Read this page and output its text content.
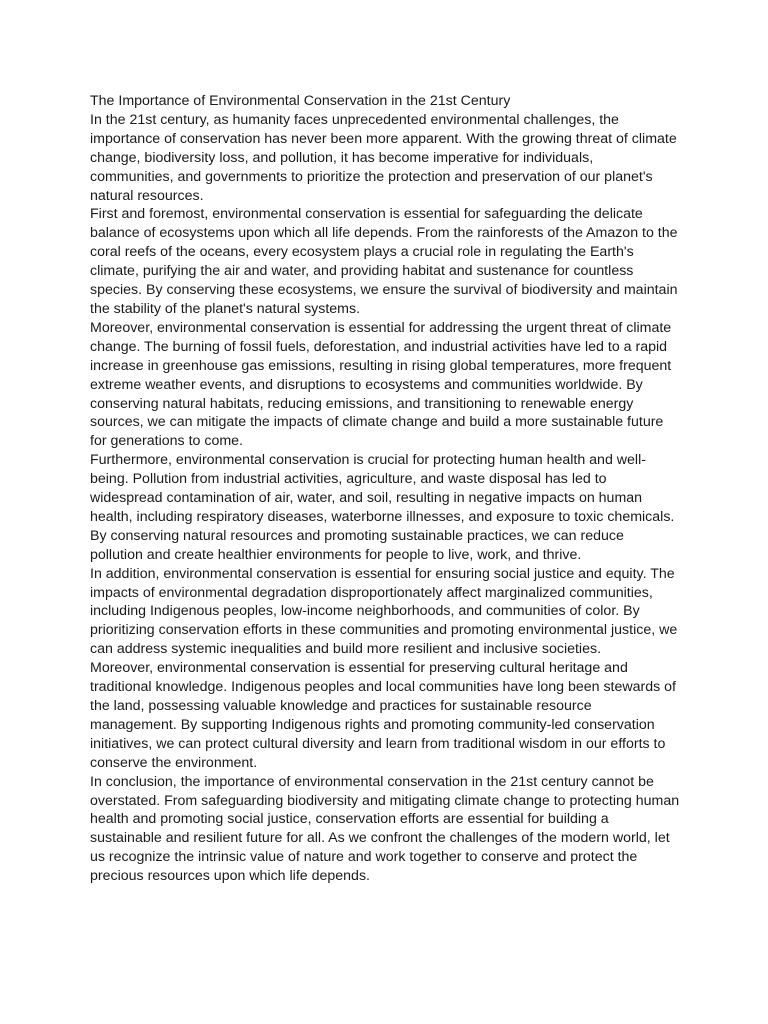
The Importance of Environmental Conservation in the 21st Century

In the 21st century, as humanity faces unprecedented environmental challenges, the importance of conservation has never been more apparent. With the growing threat of climate change, biodiversity loss, and pollution, it has become imperative for individuals, communities, and governments to prioritize the protection and preservation of our planet's natural resources.

First and foremost, environmental conservation is essential for safeguarding the delicate balance of ecosystems upon which all life depends. From the rainforests of the Amazon to the coral reefs of the oceans, every ecosystem plays a crucial role in regulating the Earth's climate, purifying the air and water, and providing habitat and sustenance for countless species. By conserving these ecosystems, we ensure the survival of biodiversity and maintain the stability of the planet's natural systems.

Moreover, environmental conservation is essential for addressing the urgent threat of climate change. The burning of fossil fuels, deforestation, and industrial activities have led to a rapid increase in greenhouse gas emissions, resulting in rising global temperatures, more frequent extreme weather events, and disruptions to ecosystems and communities worldwide. By conserving natural habitats, reducing emissions, and transitioning to renewable energy sources, we can mitigate the impacts of climate change and build a more sustainable future for generations to come.

Furthermore, environmental conservation is crucial for protecting human health and well-being. Pollution from industrial activities, agriculture, and waste disposal has led to widespread contamination of air, water, and soil, resulting in negative impacts on human health, including respiratory diseases, waterborne illnesses, and exposure to toxic chemicals. By conserving natural resources and promoting sustainable practices, we can reduce pollution and create healthier environments for people to live, work, and thrive.

In addition, environmental conservation is essential for ensuring social justice and equity. The impacts of environmental degradation disproportionately affect marginalized communities, including Indigenous peoples, low-income neighborhoods, and communities of color. By prioritizing conservation efforts in these communities and promoting environmental justice, we can address systemic inequalities and build more resilient and inclusive societies.

Moreover, environmental conservation is essential for preserving cultural heritage and traditional knowledge. Indigenous peoples and local communities have long been stewards of the land, possessing valuable knowledge and practices for sustainable resource management. By supporting Indigenous rights and promoting community-led conservation initiatives, we can protect cultural diversity and learn from traditional wisdom in our efforts to conserve the environment.

In conclusion, the importance of environmental conservation in the 21st century cannot be overstated. From safeguarding biodiversity and mitigating climate change to protecting human health and promoting social justice, conservation efforts are essential for building a sustainable and resilient future for all. As we confront the challenges of the modern world, let us recognize the intrinsic value of nature and work together to conserve and protect the precious resources upon which life depends.
